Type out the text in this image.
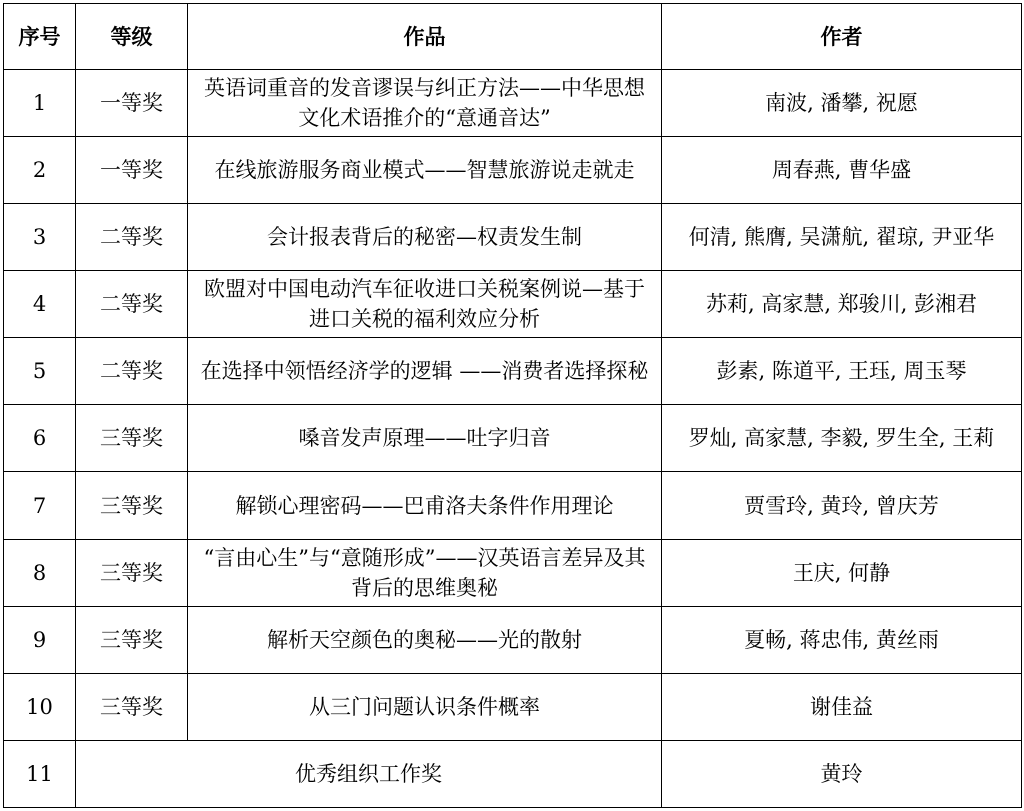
序号	等级	作品	作者
1	一等奖	英语词重音的发音谬误与纠正方法——中华思想文化术语推介的“意通音达”	南波, 潘攀, 祝愿
2	一等奖	在线旅游服务商业模式——智慧旅游说走就走	周春燕, 曹华盛
3	二等奖	会计报表背后的秘密—权责发生制	何清, 熊膺, 吴潇航, 翟琼, 尹亚华
4	二等奖	欧盟对中国电动汽车征收进口关税案例说—基于进口关税的福利效应分析	苏莉, 高家慧, 郑骏川, 彭湘君
5	二等奖	在选择中领悟经济学的逻辑 ——消费者选择探秘	彭素, 陈道平, 王珏, 周玉琴
6	三等奖	嗓音发声原理——吐字归音	罗灿, 高家慧, 李毅, 罗生全, 王莉
7	三等奖	解锁心理密码——巴甫洛夫条件作用理论	贾雪玲, 黄玲, 曾庆芳
8	三等奖	“言由心生”与“意随形成”——汉英语言差异及其背后的思维奥秘	王庆, 何静
9	三等奖	解析天空颜色的奥秘——光的散射	夏畅, 蒋忠伟, 黄丝雨
10	三等奖	从三门问题认识条件概率	谢佳益
11	优秀组织工作奖		黄玲
